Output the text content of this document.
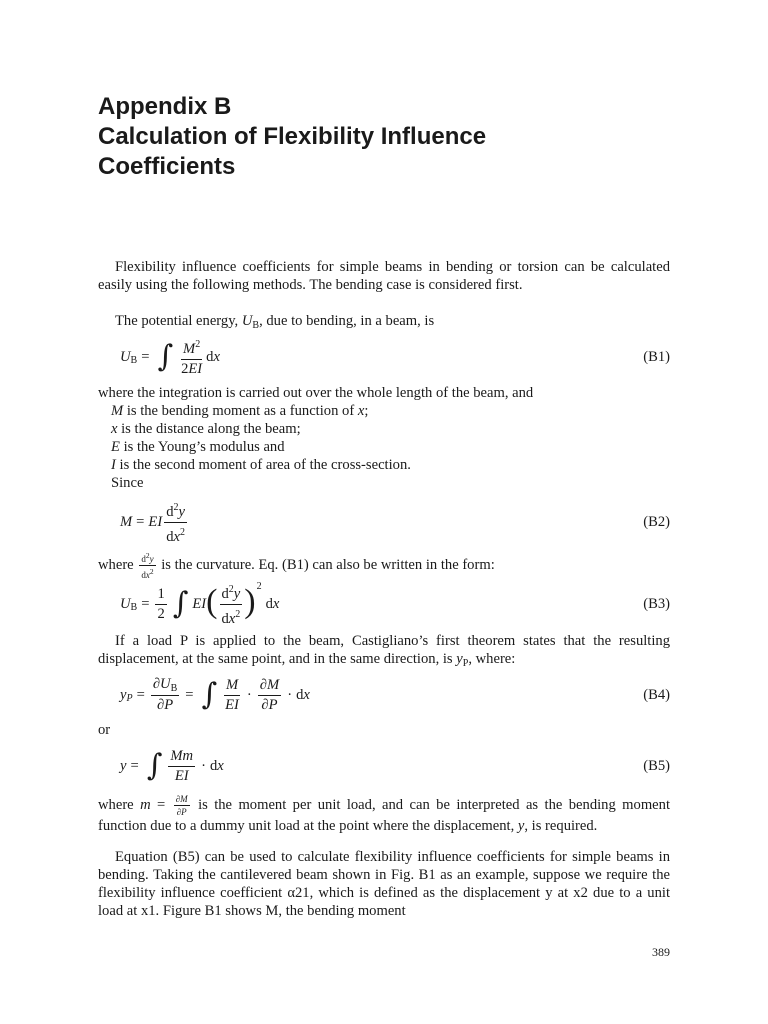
Appendix B
Calculation of Flexibility Influence
Coefficients
Flexibility influence coefficients for simple beams in bending or torsion can be calculated easily using the following methods. The bending case is considered first.
The potential energy, $U_B$, due to bending, in a beam, is
U B = ∫ $\frac{M^2}{2EI}$ dx	(B1)
where the integration is carried out over the whole length of the beam, and
M is the bending moment as a function of x;
x is the distance along the beam;
E is the Young’s modulus and
I is the second moment of area of the cross-section.
Since
M = EI $\frac{d^2y}{dx^2}$	(B2)
where $\frac{d^2y}{dx^2}$ is the curvature. Eq. (B1) can also be written in the form:
U $B = \frac{1}{2}$ ∫ EI ( $\frac{d^2y}{dx^2}$ ) 2
dx	(B3)
If a load P is applied to the beam, Castigliano’s first theorem states that the resulting displacement, at the same point, and in the same direction, is $y_P$, where:
y $P = \frac{\partial U_B}{\partial P}$ = ∫ $\frac{M}{EI} \cdot \frac{\partial M}{\partial P}$ · dx	(B4)
or
y = ∫ $\frac{Mm}{EI}$ · dx	(B5)
where $m = \frac{\partial M}{\partial P}$ is the moment per unit load, and can be interpreted as the bending moment function due to a dummy unit load at the point where the displacement, y, is required.
Equation (B5) can be used to calculate flexibility influence coefficients for simple beams in bending. Taking the cantilevered beam shown in Fig. B1 as an example, suppose we require the flexibility influence coefficient α21, which is defined as the displacement y at x2 due to a unit load at x1. Figure B1 shows M, the bending moment
389
